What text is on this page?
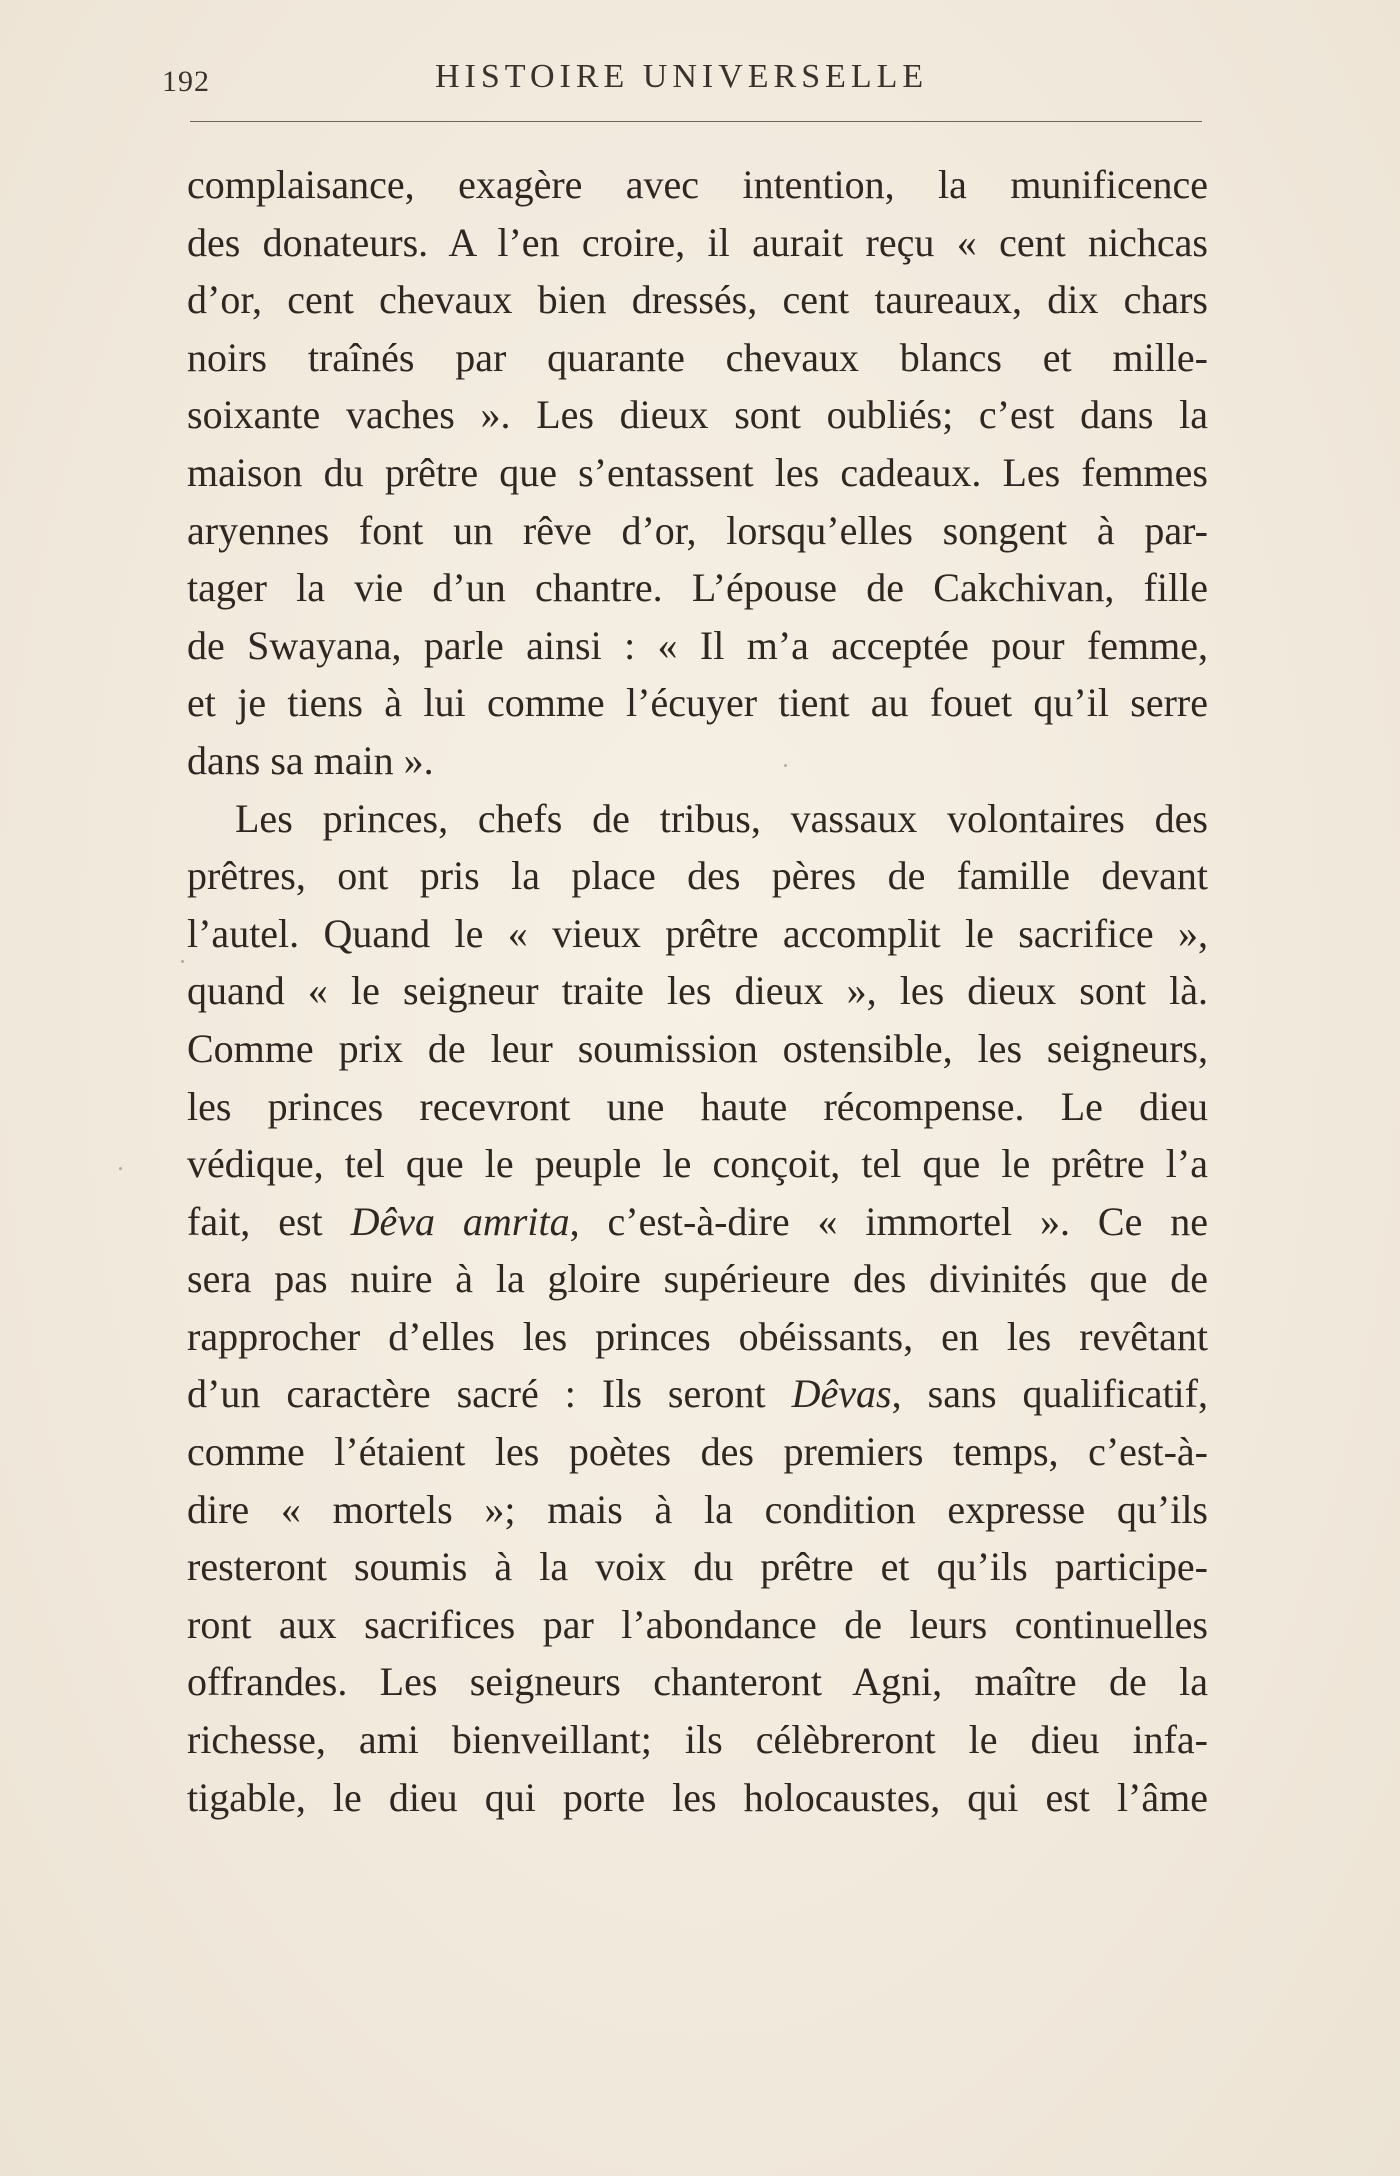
192	HISTOIRE UNIVERSELLE
complaisance, exagère avec intention, la munificence
des donateurs. A l’en croire, il aurait reçu « cent nichcas
d’or, cent chevaux bien dressés, cent taureaux, dix chars
noirs traînés par quarante chevaux blancs et mille-
soixante vaches ». Les dieux sont oubliés; c’est dans la
maison du prêtre que s’entassent les cadeaux. Les femmes
aryennes font un rêve d’or, lorsqu’elles songent à par-
tager la vie d’un chantre. L’épouse de Cakchivan, fille
de Swayana, parle ainsi : « Il m’a acceptée pour femme,
et je tiens à lui comme l’écuyer tient au fouet qu’il serre
dans sa main ».
Les princes, chefs de tribus, vassaux volontaires des
prêtres, ont pris la place des pères de famille devant
l’autel. Quand le « vieux prêtre accomplit le sacrifice »,
quand « le seigneur traite les dieux », les dieux sont là.
Comme prix de leur soumission ostensible, les seigneurs,
les princes recevront une haute récompense. Le dieu
védique, tel que le peuple le conçoit, tel que le prêtre l’a
fait, est Dêva amrita, c’est-à-dire « immortel ». Ce ne
sera pas nuire à la gloire supérieure des divinités que de
rapprocher d’elles les princes obéissants, en les revêtant
d’un caractère sacré : Ils seront Dêvas, sans qualificatif,
comme l’étaient les poètes des premiers temps, c’est-à-
dire « mortels »; mais à la condition expresse qu’ils
resteront soumis à la voix du prêtre et qu’ils participe-
ront aux sacrifices par l’abondance de leurs continuelles
offrandes. Les seigneurs chanteront Agni, maître de la
richesse, ami bienveillant; ils célèbreront le dieu infa-
tigable, le dieu qui porte les holocaustes, qui est l’âme
